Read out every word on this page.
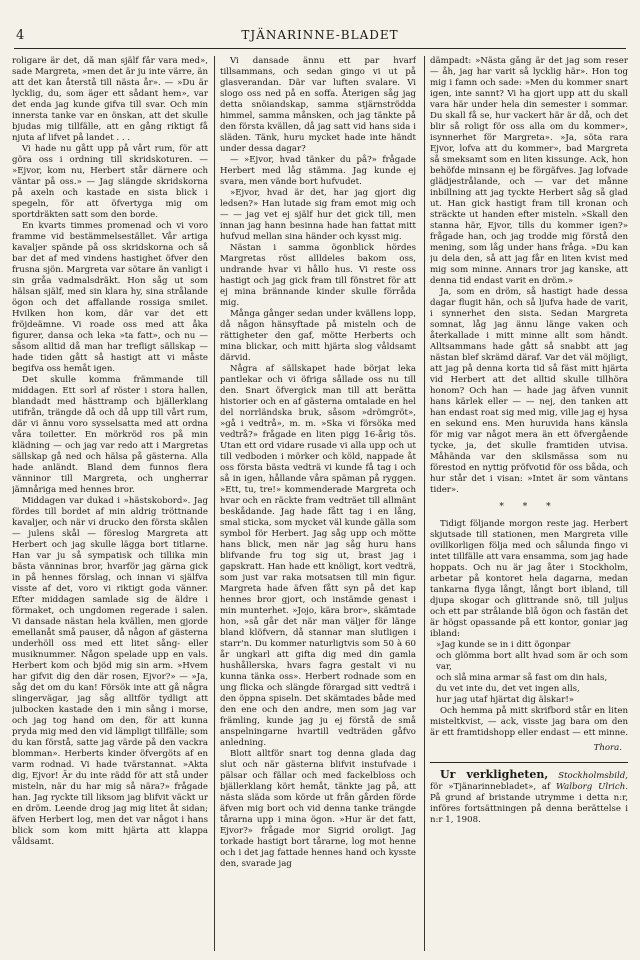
4	TJÄNARINNE-BLADET

roligare är det, då man själf får vara med», sade Margreta, »men det är ju inte värre, än att det kan återstå till nästa år». — »Du är lycklig, du, som äger ett sådant hem», var det enda jag kunde gifva till svar. Och min innersta tanke var en önskan, att det skulle bjudas mig tillfälle, att en gång riktigt få njuta af lifvet på landet . . .

Vi hade nu gått upp på vårt rum, för att göra oss i ordning till skridskoturen. — »Ejvor, kom nu, Herbert står därnere och väntar på oss.» — Jag slängde skridskorna på axeln och kastade en sista blick i spegeln, för att öfvertyga mig om sportdräkten satt som den borde.

En kvarts timmes promenad och vi voro framme vid bestämmelsestället. Vår artiga kavaljer spände på oss skridskorna och så bar det af med vindens hastighet öfver den frusna sjön. Margreta var sötare än vanligt i sin gråa vadmalsdräkt. Hon såg ut som hälsan själf, med sin klara hy, sina strålande ögon och det affallande rossiga smilet. Hvilken hon kom, där var det ett fröjdeämne. Vi roade oss med att åka figurer, dansa och leka »ta fatt», och nu — såsom alltid då man har trefligt sällskap — hade tiden gått så hastigt att vi måste begifva oss hemåt igen.

Det skulle komma främmande till middagen. Ett sorl af röster i stora hallen, blandadt med hästtramp och bjällerklang utifrån, trängde då och då upp till vårt rum, där vi ännu voro sysselsatta med att ordna våra toiletter. En mörkröd ros på min klädning — och jag var redo att i Margretas sällskap gå ned och hälsa på gästerna. Alla hade anländt. Bland dem funnos flera vänninor till Margreta, och ungherrar jämnåriga med hennes bror.

Middagen var dukad i »hästskobord». Jag fördes till bordet af min aldrig tröttnande kavaljer, och när vi drucko den första skålen — julens skål — föreslog Margreta att Herbert och jag skulle lägga bort titlarne. Han var ju så sympatisk och tillika min bästa vänninas bror, hvarför jag gärna gick in på hennes förslag, och innan vi själfva visste af det, voro vi riktigt goda vänner. Efter middagen samlade sig de äldre i förmaket, och ungdomen regerade i salen. Vi dansade nästan hela kvällen, men gjorde emellanåt små pauser, då någon af gästerna underhöll oss med ett litet sång- eller musiknummer. Någon spelade upp en vals. Herbert kom och bjöd mig sin arm. »Hvem har gifvit dig den där rosen, Ejvor?» — »Ja, såg det om du kan! Försök inte att gå några slingervägar, jag såg alltför tydligt att julbocken kastade den i min sång i morse, och jag tog hand om den, för att kunna pryda mig med den vid lämpligt tillfälle; som du kan förstå, satte jag värde på den vackra blomman». Herberts kinder öfvergöts af en varm rodnad. Vi hade tvärstannat. »Akta dig, Ejvor! Är du inte rädd för att stå under misteln, när du har mig så nära?» frågade han. Jag ryckte till liksom jag blifvit väckt ur en dröm. Leende drog jag mig litet åt sidan; äfven Herbert log, men det var något i hans blick som kom mitt hjärta att klappa våldsamt.

Vi dansade ännu ett par hvarf tillsammans, och sedan gingo vi ut på glasverandan. Där var luften svalare. Vi slogo oss ned på en soffa. Återigen såg jag detta snöiandskap, samma stjärnströdda himmel, samma månsken, och jag tänkte på den första kvällen, då jag satt vid hans sida i släden. Tänk, huru mycket hade inte händt under dessa dagar?

— »Ejvor, hvad tänker du på?» frågade Herbert med låg stämma. Jag kunde ej svara, men vände bort hufvudet.

»Ejvor, hvad är det, har jag gjort dig ledsen?» Han lutade sig fram emot mig och — — jag vet ej själf hur det gick till, men innan jag hann besinna hade han fattat mitt hufvud mellan sina händer och kysst mig.

Nästan i samma ögonblick hördes Margretas röst allldeles bakom oss, undrande hvar vi hållo hus. Vi reste oss hastigt och jag gick fram till fönstret för att ej mina brännande kinder skulle förråda mig.

Många gånger sedan under kvällens lopp, då någon hänsyftade på misteln och de rättigheter den gaf, mötte Herberts och mina blickar, och mitt hjärta slog våldsamt därvid.

Några af sällskapet hade börjat leka pantlekar och vi öfriga sållade oss nu till den. Snart öfvergick man till att berätta historier och en af gästerna omtalade en hel del norrländska bruk, såsom »drömgröt», »gå i vedtrå», m. m. »Ska vi försöka med vedtrå?» frågade en liten pigg 16-årig tös. Utan ett ord vidare rusade vi alla upp och ut till vedboden i mörker och köld, nappade åt oss första bästa vedträ vi kunde få tag i och så in igen, hållande våra späman på ryggen. »Ett, tu, tre!» kommenderade Margreta och hvar och en räckte fram vedträet till allmänt beskådande. Jag hade fått tag i en lång, smal sticka, som mycket väl kunde gälla som symbol för Herbert. Jag såg upp och mötte hans blick, men när jag såg huru hans blifvande fru tog sig ut, brast jag i gapskratt. Han hade ett knöligt, kort vedträ, som just var raka motsatsen till min figur. Margreta hade äfven fått syn på det kap hennes bror gjort, och instämde genast i min munterhet. »Jojo, kära bror», skämtade hon, »så går det när man väljer för länge bland klöfvern, då stannar man slutligen i starr'n. Du kommer naturligtvis som 50 à 60 år ungkarl att gifta dig med din gamla hushållerska, hvars fagra gestalt vi nu kunna tänka oss». Herbert rodnade som en ung flicka och slängde förargad sitt vedträ i den öppna spiseln. Det skämtades både med den ene och den andre, men som jag var främling, kunde jag ju ej förstå de små anspelningarne hvartill vedträden gåfvo anledning.

Blott alltför snart tog denna glada dag slut och när gästerna blifvit instufvade i pälsar och fällar och med fackelbloss och bjällerklang kört hemåt, tänkte jag på, att nästa släda som körde ut från gården förde äfven mig bort och vid denna tanke trängde tårarna upp i mina ögon. »Hur är det fatt, Ejvor?» frågade mor Sigrid oroligt. Jag torkade hastigt bort tårarne, log mot henne och i det jag fattade hennes hand och kysste den, svarade jag

dämpadt: »Nästa gång är det jag som reser — åh, jag har varit så lycklig här». Hon tog mig i famn och sade: »Men du kommer snart igen, inte sannt? Vi ha gjort upp att du skall vara här under hela din semester i sommar. Du skall få se, hur vackert här är då, och det blir så roligt för oss alla om du kommer», isynnerhet för Margreta». »Ja, söta rara Ejvor, lofva att du kommer», bad Margreta så smeksamt som en liten kissunge. Ack, hon behöfde minsann ej be förgäfves. Jag lofvade glädjestrålande, och — var det månne inbillning att jag tyckte Herbert såg så glad ut. Han gick hastigt fram till kronan och sträckte ut handen efter misteln. »Skall den stanna här, Ejvor, tills du kommer igen?» frågade han, och jag trodde mig förstå den mening, som låg under hans fråga. »Du kan ju dela den, så att jag får en liten kvist med mig som minne. Annars tror jag kanske, att denna tid endast varit en dröm.»

Ja, som en dröm, så hastigt hade dessa dagar flugit hän, och så ljufva hade de varit, i synnerhet den sista. Sedan Margreta somnat, låg jag ännu länge vaken och återkallade i mitt minne allt som händt. Alltsammans hade gått så snabbt att jag nästan blef skrämd däraf. Var det väl möjligt, att jag på denna korta tid så fäst mitt hjärta vid Herbert att det alltid skulle tillhöra honom? Och han — hade jag äfven vunnit hans kärlek eller — — nej, den tanken att han endast roat sig med mig, ville jag ej hysa en sekund ens. Men huruvida hans känsla för mig var något mera än ett öfvergående tycke, ja, det skulle framtiden utvisa. Måhända var den skilsmässa som nu förestod en nyttig pröfvotid för oss båda, och hur står det i visan: »Intet är som väntans tider».

* * *

Tidigt följande morgon reste jag. Herbert skjutsade till stationen, men Margreta ville ovillkorligen följa med och sålunda fingo vi intet tillfälle att vara ensamma, som jag hade hoppats. Och nu är jag åter i Stockholm, arbetar på kontoret hela dagarna, medan tankarna flyga långt, långt bort ibland, till djupa skogar och glittrande snö, till juljus och ett par strålande blå ögon och fastän det är högst opassande på ett kontor, goniar jag ibland:

»Jag kunde se in i ditt ögonpar
och glömma bort allt hvad som är och som var,
och slå mina armar så fast om din hals,
du vet inte du, det vet ingen alls,
hur jag utaf hjärtat dig älskar!»

Och hemma på mitt skrifbord står en liten misteltkvist, — ack, visste jag bara om den är ett framtidshopp eller endast — ett minne.

Thora.

Ur verkligheten, Stockholmsbild, för »Tjänarinnebladet», af Walborg Ulrich. På grund af bristande utrymme i detta n:r, införes fortsättningen på denna berättelse i n:r 1, 1908.
